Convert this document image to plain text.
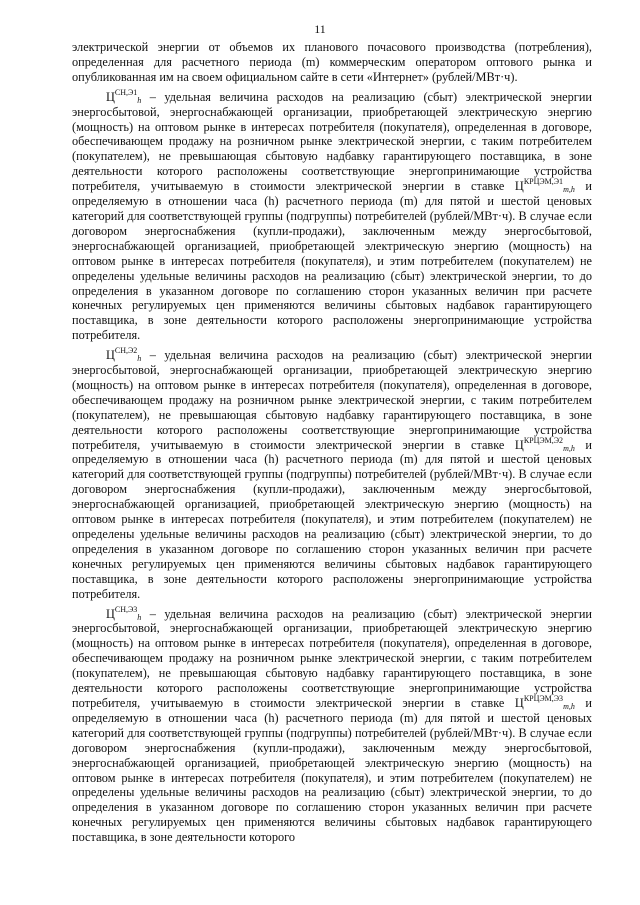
11

электрической энергии от объемов их планового почасового производства (потребления), определенная для расчетного периода (m) коммерческим оператором оптового рынка и опубликованная им на своем официальном сайте в сети «Интернет» (рублей/МВт·ч).

$Ц^{СН,Э1}_h$ – удельная величина расходов на реализацию (сбыт) электрической энергии энергосбытовой, энергоснабжающей организации, приобретающей электрическую энергию (мощность) на оптовом рынке в интересах потребителя (покупателя), определенная в договоре, обеспечивающем продажу на розничном рынке электрической энергии, с таким потребителем (покупателем), не превышающая сбытовую надбавку гарантирующего поставщика, в зоне деятельности которого расположены соответствующие энергопринимающие устройства потребителя, учитываемую в стоимости электрической энергии в ставке $Ц^{КРЦЭМ,Э1}_{m,h}$ и определяемую в отношении часа (h) расчетного периода (m) для пятой и шестой ценовых категорий для соответствующей группы (подгруппы) потребителей (рублей/МВт·ч). В случае если договором энергоснабжения (купли-продажи), заключенным между энергосбытовой, энергоснабжающей организацией, приобретающей электрическую энергию (мощность) на оптовом рынке в интересах потребителя (покупателя), и этим потребителем (покупателем) не определены удельные величины расходов на реализацию (сбыт) электрической энергии, то до определения в указанном договоре по соглашению сторон указанных величин при расчете конечных регулируемых цен применяются величины сбытовых надбавок гарантирующего поставщика, в зоне деятельности которого расположены энергопринимающие устройства потребителя.

$Ц^{СН,Э2}_h$ – удельная величина расходов на реализацию (сбыт) электрической энергии энергосбытовой, энергоснабжающей организации, приобретающей электрическую энергию (мощность) на оптовом рынке в интересах потребителя (покупателя), определенная в договоре, обеспечивающем продажу на розничном рынке электрической энергии, с таким потребителем (покупателем), не превышающая сбытовую надбавку гарантирующего поставщика, в зоне деятельности которого расположены соответствующие энергопринимающие устройства потребителя, учитываемую в стоимости электрической энергии в ставке $Ц^{КРЦЭМ,Э2}_{m,h}$ и определяемую в отношении часа (h) расчетного периода (m) для пятой и шестой ценовых категорий для соответствующей группы (подгруппы) потребителей (рублей/МВт·ч). В случае если договором энергоснабжения (купли-продажи), заключенным между энергосбытовой, энергоснабжающей организацией, приобретающей электрическую энергию (мощность) на оптовом рынке в интересах потребителя (покупателя), и этим потребителем (покупателем) не определены удельные величины расходов на реализацию (сбыт) электрической энергии, то до определения в указанном договоре по соглашению сторон указанных величин при расчете конечных регулируемых цен применяются величины сбытовых надбавок гарантирующего поставщика, в зоне деятельности которого расположены энергопринимающие устройства потребителя.

$Ц^{СН,Э3}_h$ – удельная величина расходов на реализацию (сбыт) электрической энергии энергосбытовой, энергоснабжающей организации, приобретающей электрическую энергию (мощность) на оптовом рынке в интересах потребителя (покупателя), определенная в договоре, обеспечивающем продажу на розничном рынке электрической энергии, с таким потребителем (покупателем), не превышающая сбытовую надбавку гарантирующего поставщика, в зоне деятельности которого расположены соответствующие энергопринимающие устройства потребителя, учитываемую в стоимости электрической энергии в ставке $Ц^{КРЦЭМ,Э3}_{m,h}$ и определяемую в отношении часа (h) расчетного периода (m) для пятой и шестой ценовых категорий для соответствующей группы (подгруппы) потребителей (рублей/МВт·ч). В случае если договором энергоснабжения (купли-продажи), заключенным между энергосбытовой, энергоснабжающей организацией, приобретающей электрическую энергию (мощность) на оптовом рынке в интересах потребителя (покупателя), и этим потребителем (покупателем) не определены удельные величины расходов на реализацию (сбыт) электрической энергии, то до определения в указанном договоре по соглашению сторон указанных величин при расчете конечных регулируемых цен применяются величины сбытовых надбавок гарантирующего поставщика, в зоне деятельности которого
